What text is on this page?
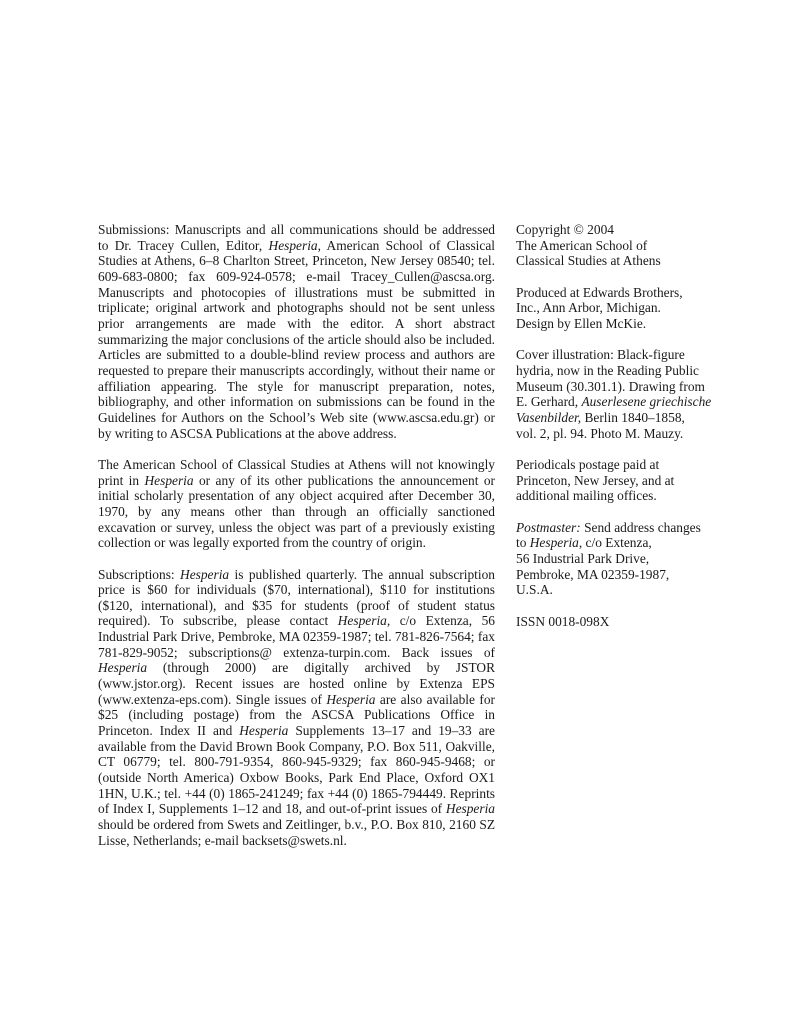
Submissions: Manuscripts and all communications should be addressed to Dr. Tracey Cullen, Editor, Hesperia, American School of Classical Studies at Athens, 6–8 Charlton Street, Princeton, New Jersey 08540; tel. 609-683-0800; fax 609-924-0578; e-mail Tracey_Cullen@ascsa.org. Manuscripts and photocopies of illustrations must be submitted in triplicate; original artwork and photographs should not be sent unless prior arrangements are made with the editor. A short abstract summarizing the major conclusions of the article should also be included. Articles are submitted to a double-blind review process and authors are requested to prepare their manuscripts accordingly, without their name or affiliation appearing. The style for manuscript preparation, notes, bibliography, and other information on submissions can be found in the Guidelines for Authors on the School’s Web site (www.ascsa.edu.gr) or by writing to ASCSA Publications at the above address.

The American School of Classical Studies at Athens will not knowingly print in Hesperia or any of its other publications the announcement or initial scholarly presentation of any object acquired after December 30, 1970, by any means other than through an officially sanctioned excavation or survey, unless the object was part of a previously existing collection or was legally exported from the country of origin.

Subscriptions: Hesperia is published quarterly. The annual subscription price is $60 for individuals ($70, international), $110 for institutions ($120, international), and $35 for students (proof of student status required). To subscribe, please contact Hesperia, c/o Extenza, 56 Industrial Park Drive, Pembroke, MA 02359-1987; tel. 781-826-7564; fax 781-829-9052; subscriptions@ extenza-turpin.com. Back issues of Hesperia (through 2000) are digitally archived by JSTOR (www.jstor.org). Recent issues are hosted online by Extenza EPS (www.extenza-eps.com). Single issues of Hesperia are also available for $25 (including postage) from the ASCSA Publications Office in Princeton. Index II and Hesperia Supplements 13–17 and 19–33 are available from the David Brown Book Company, P.O. Box 511, Oakville, CT 06779; tel. 800-791-9354, 860-945-9329; fax 860-945-9468; or (outside North America) Oxbow Books, Park End Place, Oxford OX1 1HN, U.K.; tel. +44 (0) 1865-241249; fax +44 (0) 1865-794449. Reprints of Index I, Supplements 1–12 and 18, and out-of-print issues of Hesperia should be ordered from Swets and Zeitlinger, b.v., P.O. Box 810, 2160 SZ Lisse, Netherlands; e-mail backsets@swets.nl.

Copyright © 2004
The American School of
Classical Studies at Athens

Produced at Edwards Brothers,
Inc., Ann Arbor, Michigan.
Design by Ellen McKie.

Cover illustration: Black-figure
hydria, now in the Reading Public
Museum (30.301.1). Drawing from
E. Gerhard, Auserlesene griechische
Vasenbilder, Berlin 1840–1858,
vol. 2, pl. 94. Photo M. Mauzy.

Periodicals postage paid at
Princeton, New Jersey, and at
additional mailing offices.

Postmaster: Send address changes
to Hesperia, c/o Extenza,
56 Industrial Park Drive,
Pembroke, MA 02359-1987,
U.S.A.

ISSN 0018-098X
